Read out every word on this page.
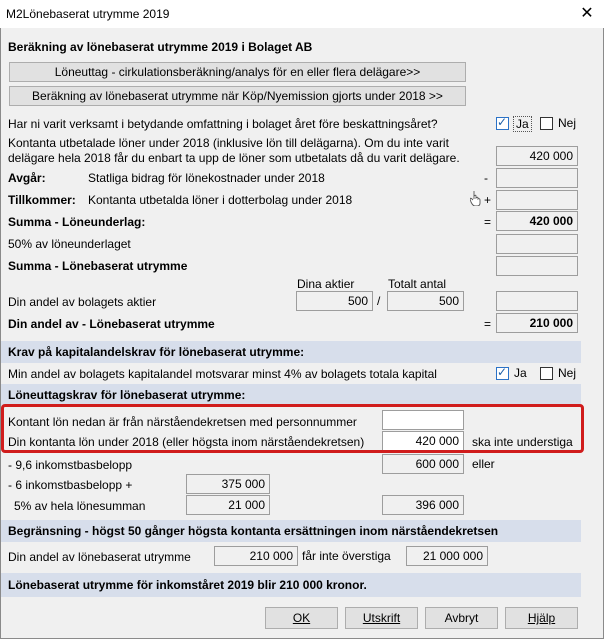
M2Lönebaserat utrymme 2019	✕
Beräkning av lönebaserat utrymme 2019 i Bolaget AB
Löneuttag - cirkulationsberäkning/analys för en eller flera delägare>>
Beräkning av lönebaserat utrymme när Köp/Nyemission gjorts under 2018 >>
Har ni varit verksamt i betydande omfattning i bolaget året före beskattningsåret? ✓	Ja Nej
Kontanta utbetalade löner under 2018 (inklusive lön till delägarna). Om du inte varit
delägare hela 2018 får du enbart ta upp de löner som utbetalats då du varit delägare.	420 000
Avgår:	Statliga bidrag för lönekostnader under 2018	-
Tillkommer: Kontanta utbetalda löner i dotterbolag under 2018	+
Summa - Löneunderlag:	=	420 000
50% av löneunderlaget
Summa - Lönebaserat utrymme
Dina aktier	Totalt antal
Din andel av bolagets aktier	500 /	500
Din andel av - Lönebaserat utrymme	=	210 000
Krav på kapitalandelskrav för lönebaserat utrymme:
Min andel av bolagets kapitalandel motsvarar minst 4% av bolagets totala kapital ✓	Ja	Nej
Löneuttagskrav för lönebaserat utrymme:
Kontant lön nedan är från närståendekretsen med personnummer
Din kontanta lön under 2018 (eller högsta inom närståendekretsen)	420 000	ska inte understiga
- 9,6 inkomstbasbelopp	600 000	eller
- 6 inkomstbasbelopp +	375 000
5% av hela lönesumman	21 000	396 000
Begränsning - högst 50 gånger högsta kontanta ersättningen inom närståendekretsen
Din andel av lönebaserat utrymme	210 000 får inte överstiga	21 000 000
Lönebaserat utrymme för inkomståret 2019 blir 210 000 kronor.
OK	Utskrift	Avbryt	Hjälp
